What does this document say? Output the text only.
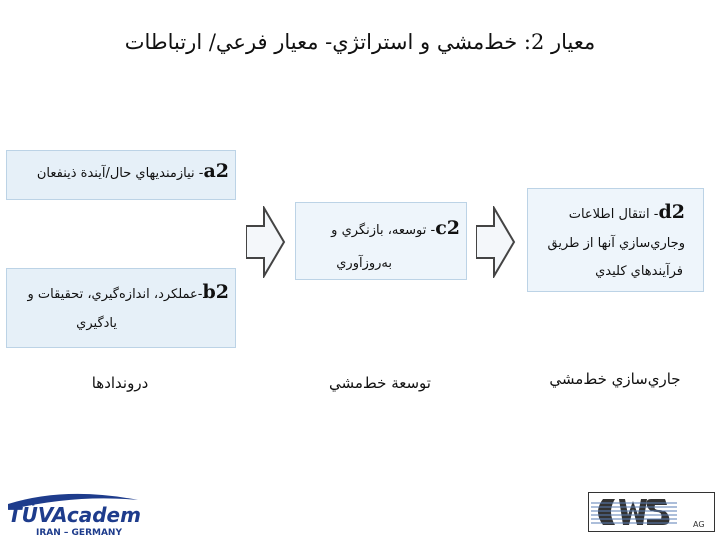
معيار 2: خط‌مشي و استراتژي- معيار فرعي/ ارتباطات
a2- نيازمنديهاي حال/آيندة ذينفعان
b2-عملكرد، اندازه‌گيري، تحقيقات و
يادگيري
c2- توسعه، بازنگري و
به‌روزآوري
d2- انتقال اطلاعات
وجاري‌سازي آنها از طريق
فرآيندهاي كليدي
دروندادها	توسعة خط‌مشي	جاري‌سازي خط‌مشي
TÜVAcademy
IRAN – GERMANY
AG
